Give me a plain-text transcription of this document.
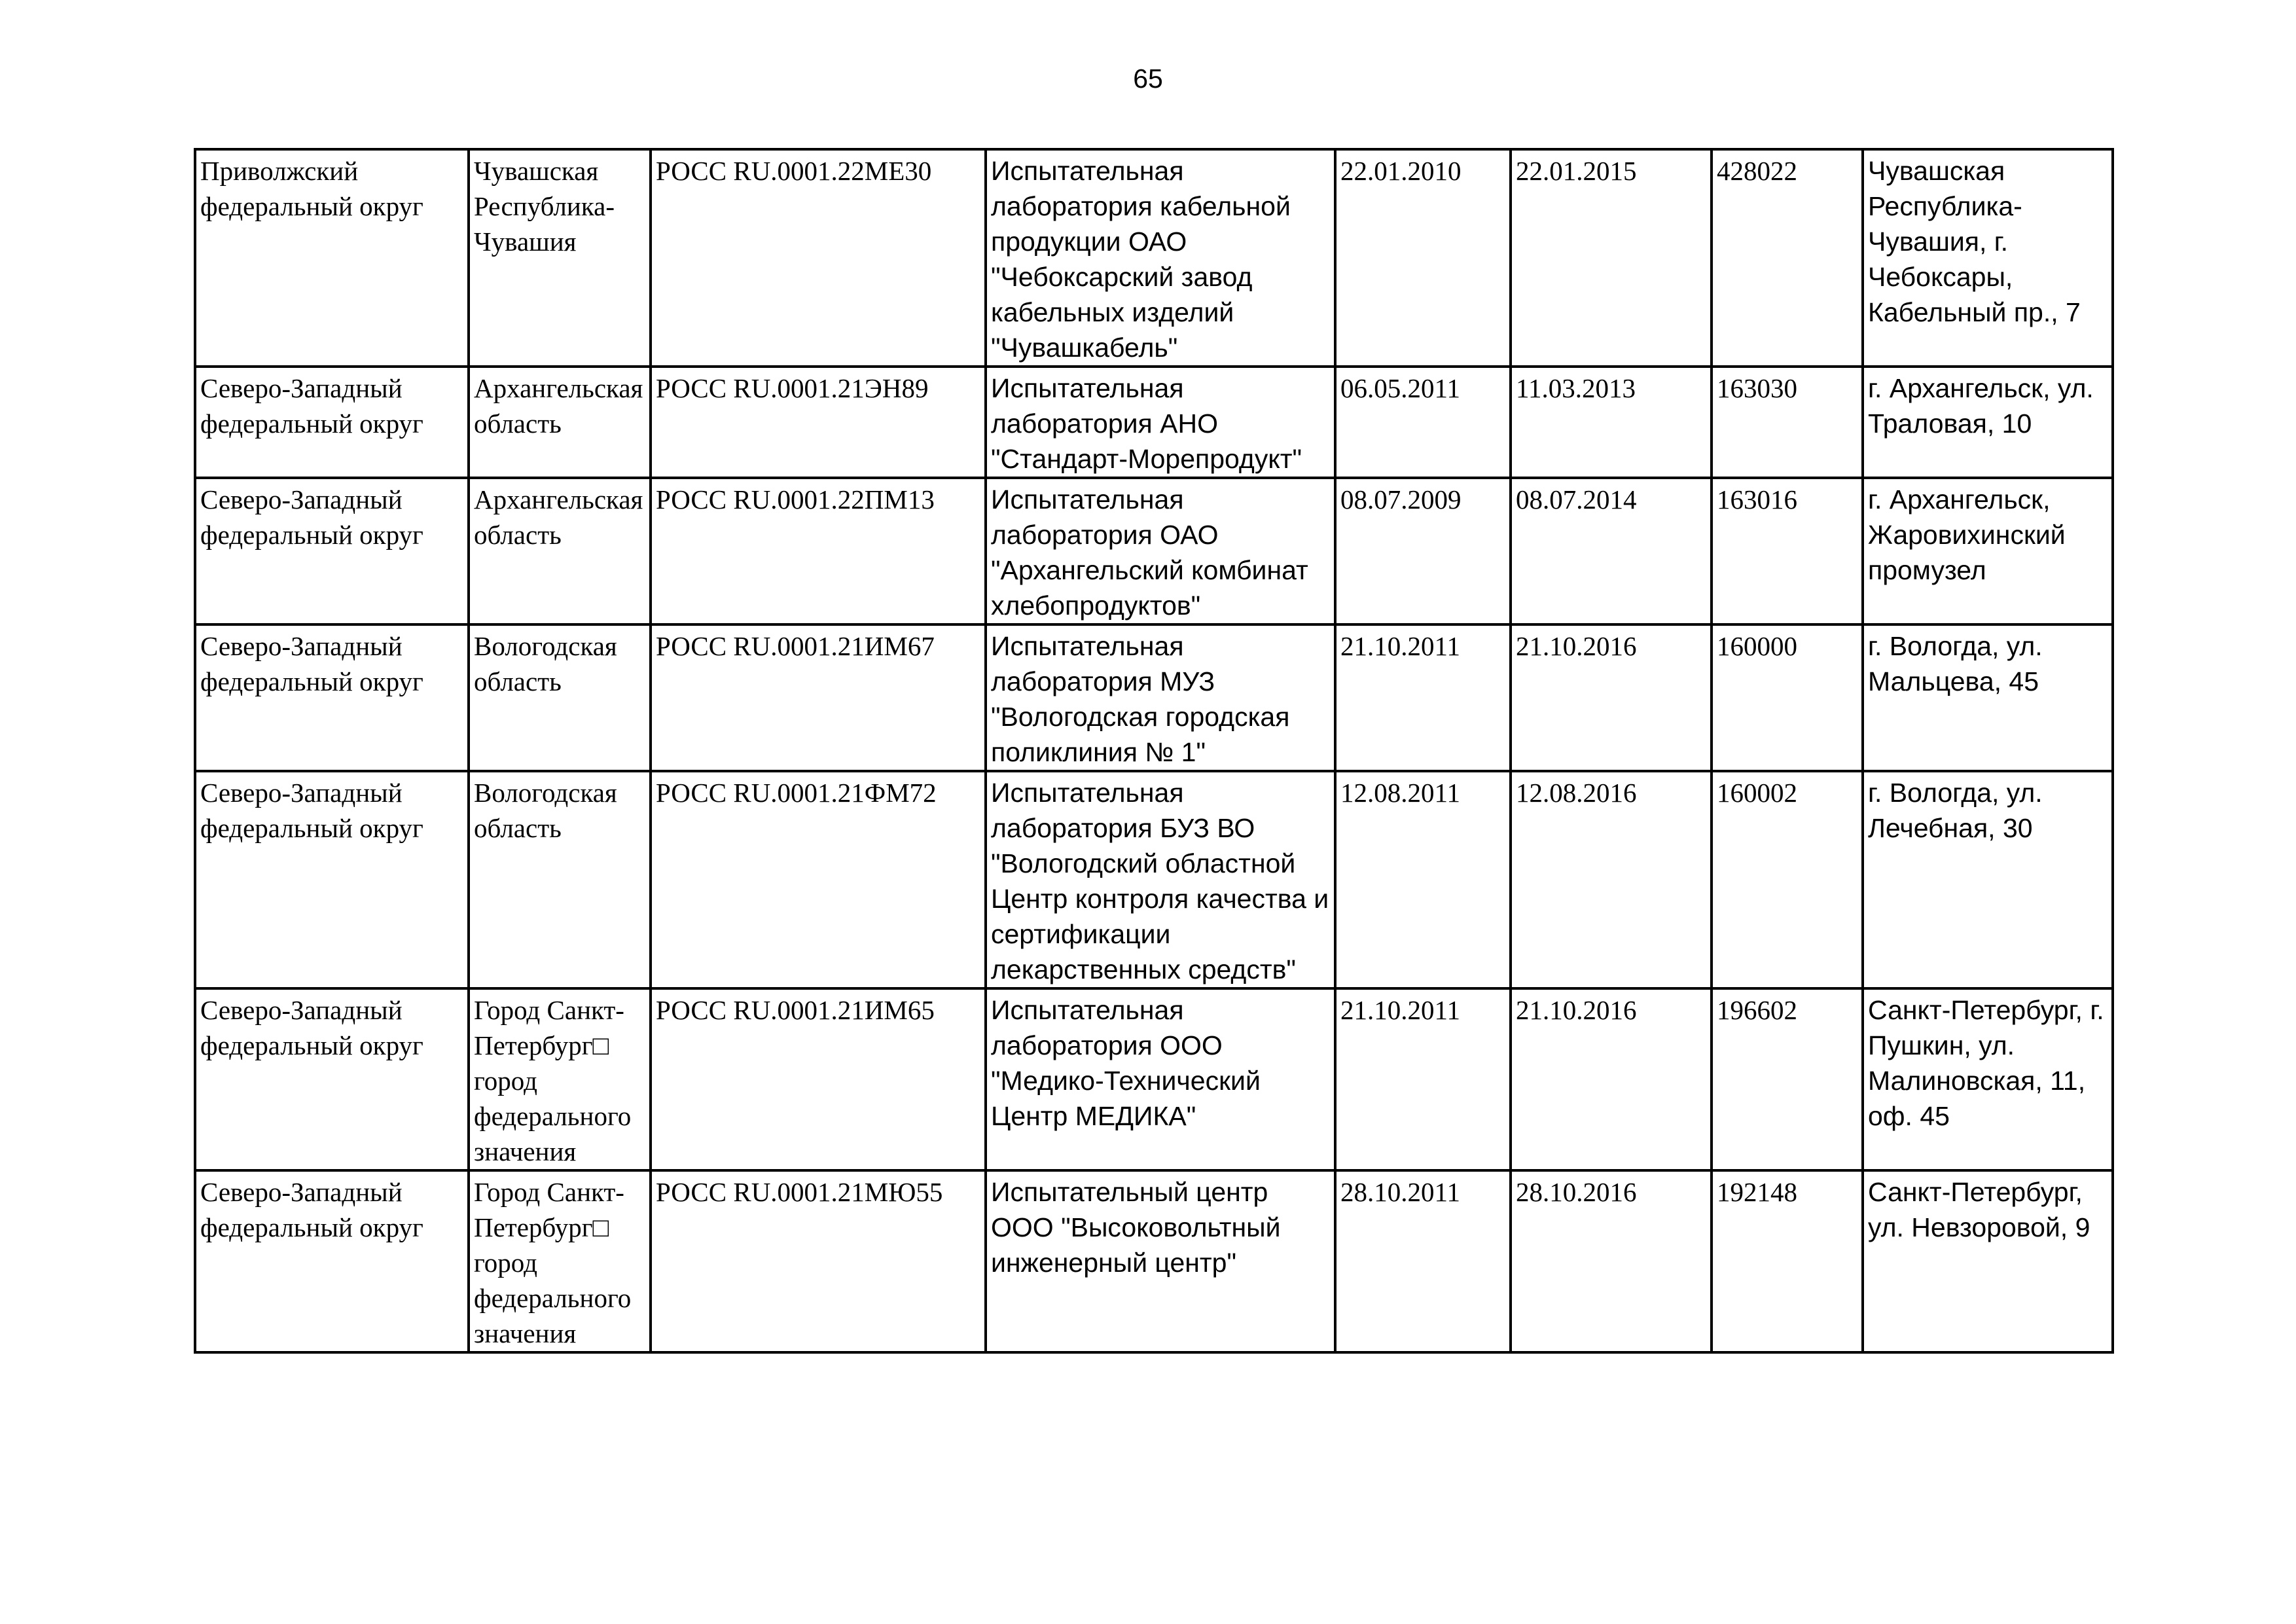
65
Приволжский федеральный округ	Чувашская Республика-Чувашия	РОСС RU.0001.22МЕ30	Испытательная лаборатория кабельной продукции ОАО "Чебоксарский завод кабельных изделий "Чувашкабель"	22.01.2010	22.01.2015	428022	Чувашская Республика-Чувашия, г. Чебоксары, Кабельный пр., 7
Северо-Западный федеральный округ	Архангельская область	РОСС RU.0001.21ЭН89	Испытательная лаборатория АНО "Стандарт-Морепродукт"	06.05.2011	11.03.2013	163030	г. Архангельск, ул. Траловая, 10
Северо-Западный федеральный округ	Архангельская область	РОСС RU.0001.22ПМ13	Испытательная лаборатория ОАО "Архангельский комбинат хлебопродуктов"	08.07.2009	08.07.2014	163016	г. Архангельск, Жаровихинский промузел
Северо-Западный федеральный округ	Вологодская область	РОСС RU.0001.21ИМ67	Испытательная лаборатория МУЗ "Вологодская городская поликлиния № 1"	21.10.2011	21.10.2016	160000	г. Вологда, ул. Мальцева, 45
Северо-Западный федеральный округ	Вологодская область	РОСС RU.0001.21ФМ72	Испытательная лаборатория БУЗ ВО "Вологодский областной Центр контроля качества и сертификации лекарственных средств"	12.08.2011	12.08.2016	160002	г. Вологда, ул. Лечебная, 30
Северо-Западный федеральный округ	Город Санкт-Петербург□ город федерального значения	РОСС RU.0001.21ИМ65	Испытательная лаборатория ООО "Медико-Технический Центр МЕДИКА"	21.10.2011	21.10.2016	196602	Санкт-Петербург, г. Пушкин, ул. Малиновская, 11, оф. 45
Северо-Западный федеральный округ	Город Санкт-Петербург□ город федерального значения	РОСС RU.0001.21МЮ55	Испытательный центр ООО "Высоковольтный инженерный центр"	28.10.2011	28.10.2016	192148	Санкт-Петербург, ул. Невзоровой, 9
